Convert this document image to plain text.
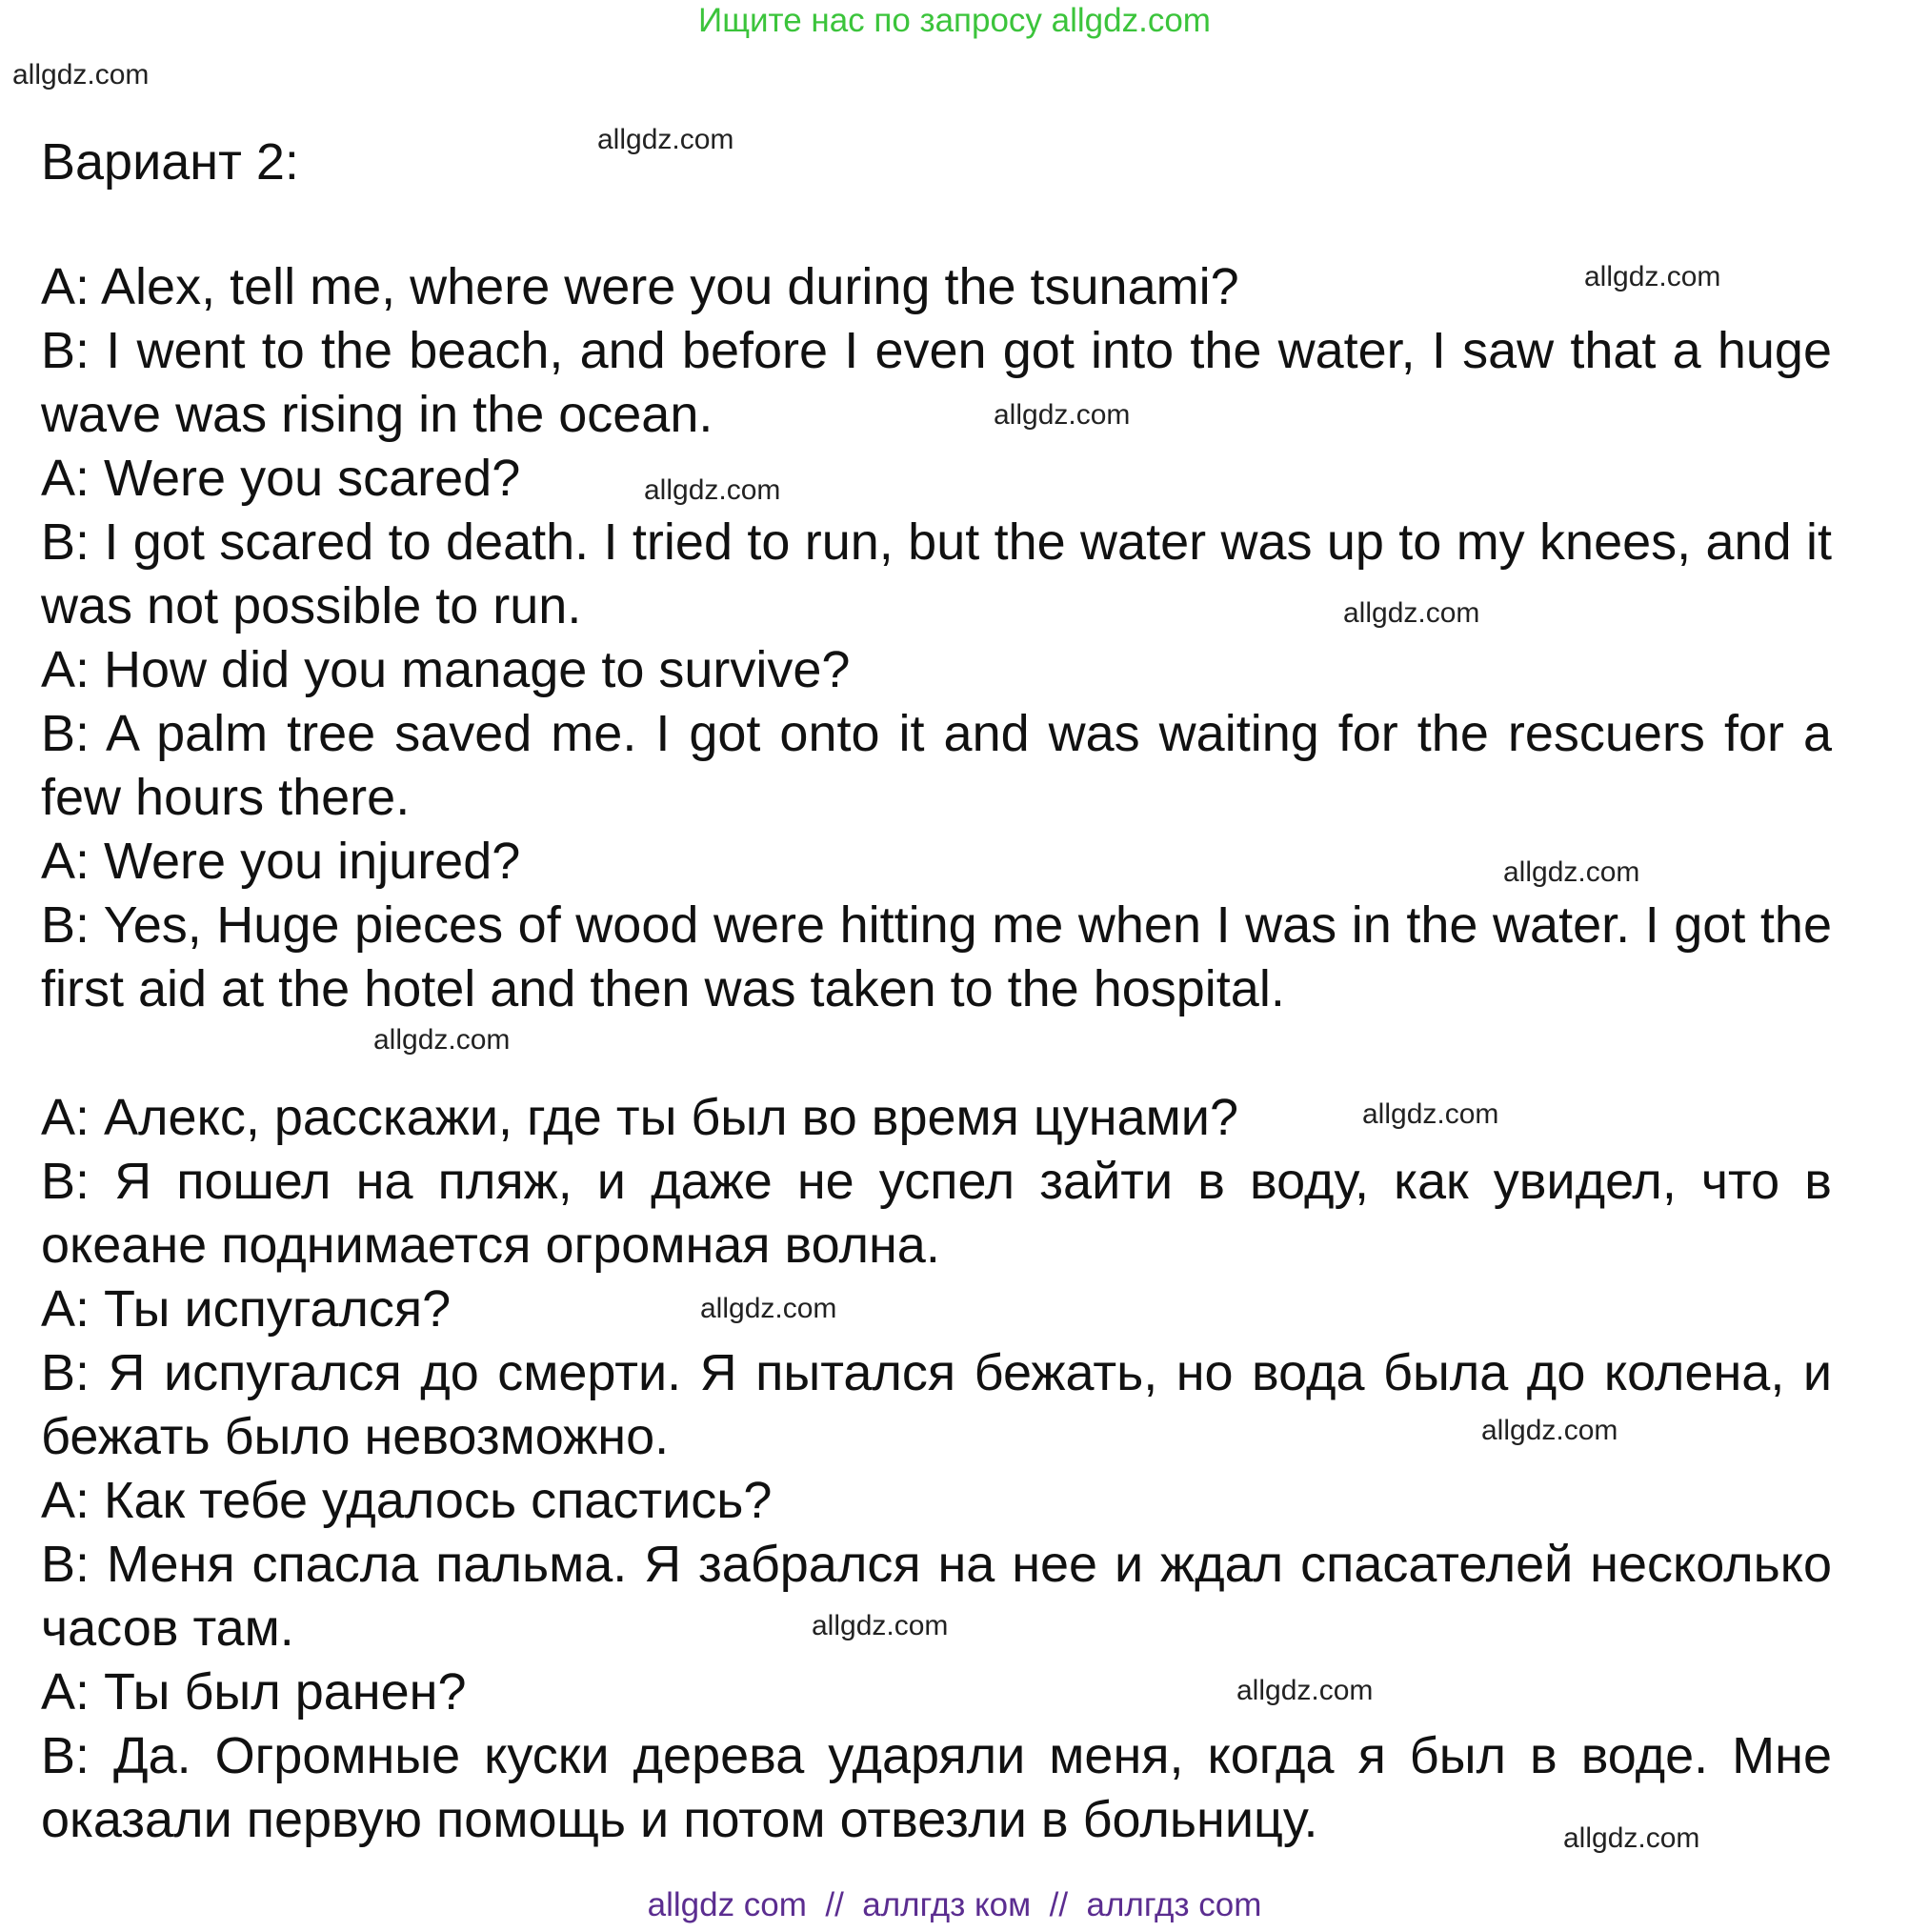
Ищите нас по запросу allgdz.com
allgdz.com
allgdz.com
allgdz.com
allgdz.com
allgdz.com
allgdz.com
allgdz.com
allgdz.com
allgdz.com
allgdz.com
allgdz.com
allgdz.com
allgdz.com
allgdz.com
Вариант 2:
A: Alex, tell me, where were you during the tsunami?
B: I went to the beach, and before I even got into the water, I saw that a huge wave was rising in the ocean.
A: Were you scared?
B: I got scared to death. I tried to run, but the water was up to my knees, and it was not possible to run.
A: How did you manage to survive?
B: A palm tree saved me. I got onto it and was waiting for the rescuers for a few hours there.
A: Were you injured?
B: Yes, Huge pieces of wood were hitting me when I was in the water. I got the first aid at the hotel and then was taken to the hospital.
A: Алекс, расскажи, где ты был во время цунами?
B: Я пошел на пляж, и даже не успел зайти в воду, как увидел, что в океане поднимается огромная волна.
A: Ты испугался?
B: Я испугался до смерти. Я пытался бежать, но вода была до колена, и бежать было невозможно.
A: Как тебе удалось спастись?
B: Меня спасла пальма. Я забрался на нее и ждал спасателей несколько часов там.
A: Ты был ранен?
B: Да. Огромные куски дерева ударяли меня, когда я был в воде. Мне оказали первую помощь и потом отвезли в больницу.
allgdz com  //  аллгдз ком  //  аллгдз com
